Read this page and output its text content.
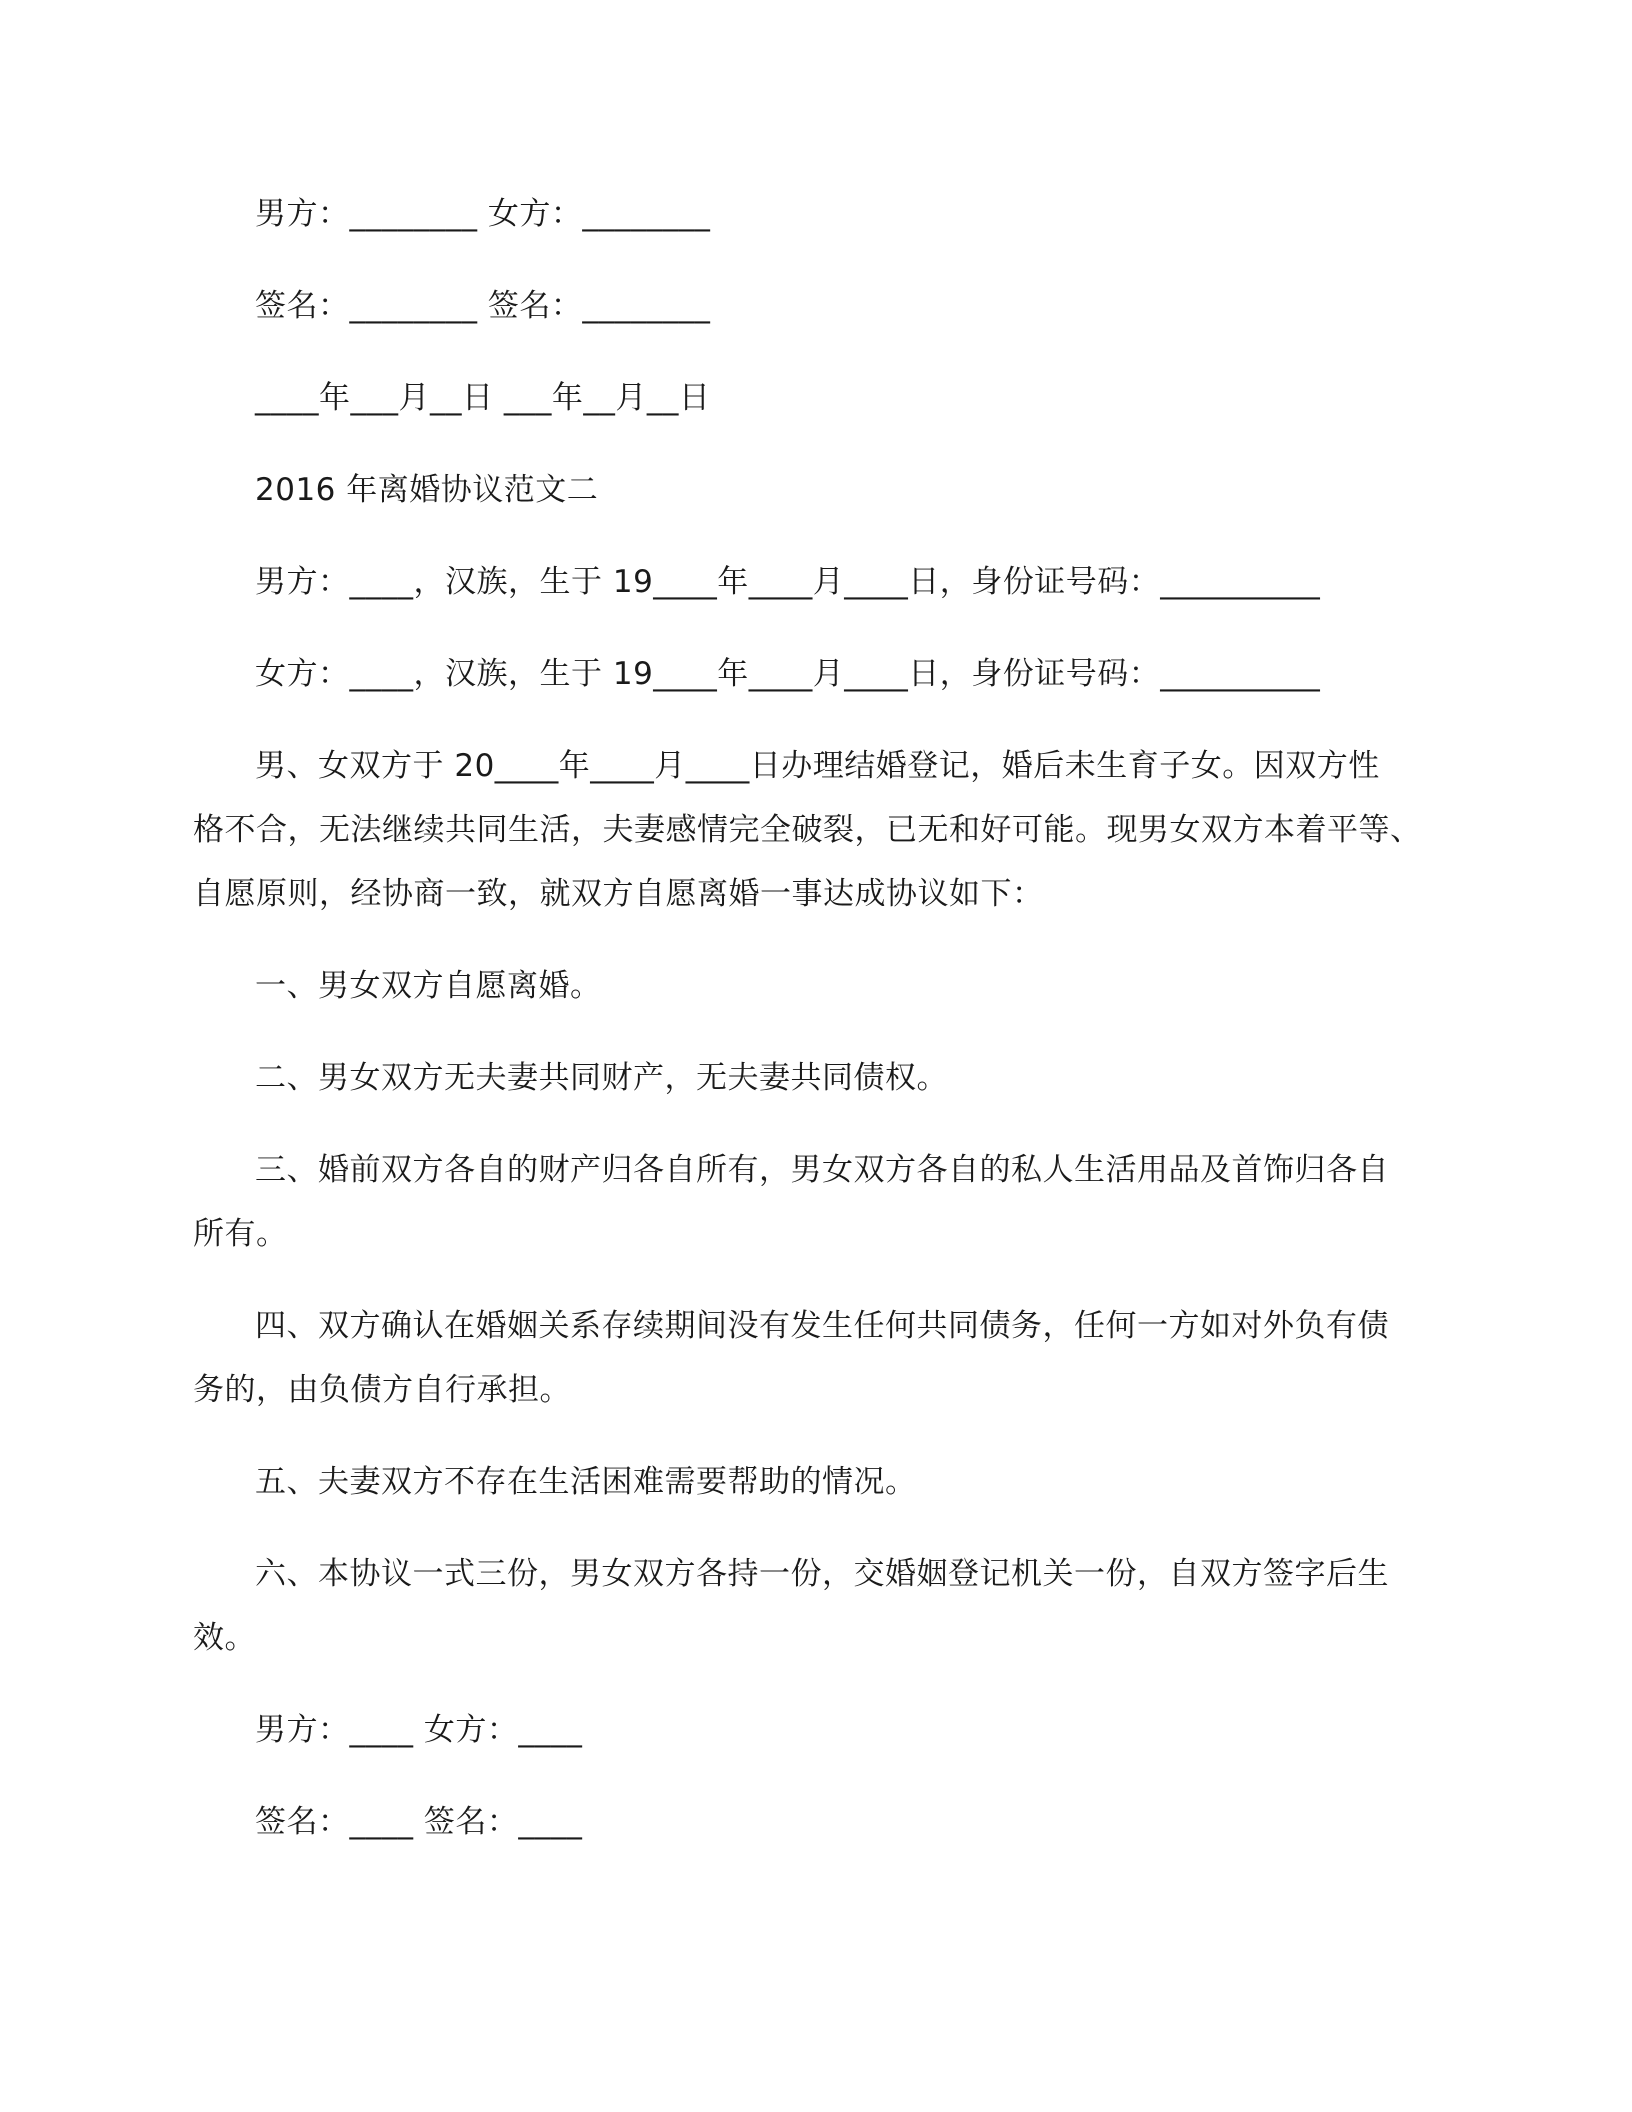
男方：________ 女方：________
签名：________ 签名：________
____年___月__日 ___年__月__日
2016 年离婚协议范文二
男方：____，汉族，生于 19____年____月____日，身份证号码：__________
女方：____，汉族，生于 19____年____月____日，身份证号码：__________
男、女双方于 20____年____月____日办理结婚登记，婚后未生育子女。因双方性
格不合，无法继续共同生活，夫妻感情完全破裂，已无和好可能。现男女双方本着平等、
自愿原则，经协商一致，就双方自愿离婚一事达成协议如下：
一、男女双方自愿离婚。
二、男女双方无夫妻共同财产，无夫妻共同债权。
三、婚前双方各自的财产归各自所有，男女双方各自的私人生活用品及首饰归各自
所有。
四、双方确认在婚姻关系存续期间没有发生任何共同债务，任何一方如对外负有债
务的，由负债方自行承担。
五、夫妻双方不存在生活困难需要帮助的情况。
六、本协议一式三份，男女双方各持一份，交婚姻登记机关一份，自双方签字后生
效。
男方：____ 女方：____
签名：____ 签名：____
